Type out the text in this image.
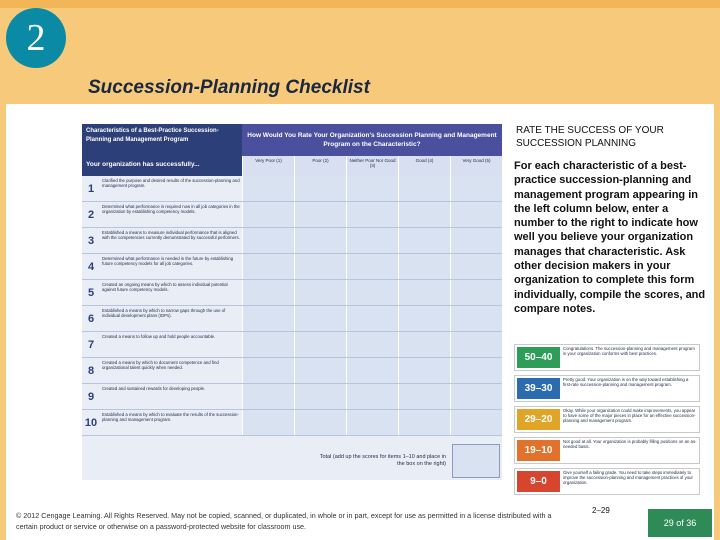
2
Succession-Planning Checklist
Characteristics of a Best-Practice Succession-Planning and Management Program
How Would You Rate Your Organization's Succession Planning and Management Program on the Characteristic?
Your organization has successfully...
Very Poor (1)	Poor (2)	Neither Poor Nor Good (3)
Good (4)	Very Good (5)
1
Clarified the purpose and desired results of the succession-planning and management program.
2
Determined what performance is required now in all job categories in the organization by establishing competency models.
3
Established a means to measure individual performance that is aligned with the competencies currently demonstrated by successful performers.
4
Determined what performance is needed in the future by establishing future competency models for all job categories.
5
Created an ongoing means by which to assess individual potential against future competency models.
6
Established a means by which to narrow gaps through the use of individual development plans (IDPs).
7
Created a means to follow up and hold people accountable.
8
Created a means by which to document competence and find organizational talent quickly when needed.
9
Created and sustained rewards for developing people.
10
Established a means by which to evaluate the results of the succession-planning and management program.
Total (add up the scores for items 1–10 and place in the box on the right)
RATE THE SUCCESS OF YOUR SUCCESSION PLANNING
For each characteristic of a best-practice succession-planning and management program appearing in the left column below, enter a number to the right to indicate how well you believe your organization manages that characteristic. Ask other decision makers in your organization to complete this form individually, compile the scores, and compare notes.
50–40
Congratulations. The succession-planning and management program in your organization conforms with best practices.
39–30
Pretty good. Your organization is on the way toward establishing a first-rate succession-planning and management program.
29–20
Okay. While your organization could make improvements, you appear to have some of the major pieces in place for an effective succession-planning and management program.
19–10
Not good at all. Your organization is probably filling positions on an as-needed basis.
9–0
Give yourself a failing grade. You need to take steps immediately to improve the succession-planning and management practices of your organization.
© 2012 Cengage Learning. All Rights Reserved. May not be copied, scanned, or duplicated, in whole or in part, except for use as permitted in a license distributed with a certain product or service or otherwise on a password-protected website for classroom use.
2–29
29 of 36
